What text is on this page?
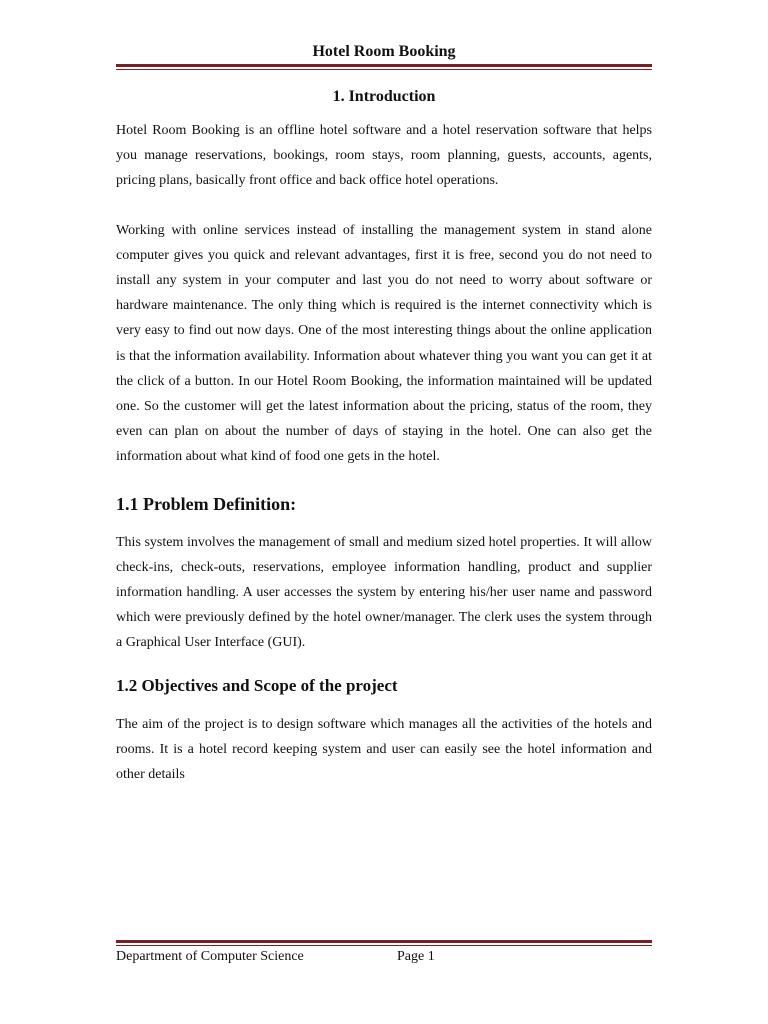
Hotel Room Booking
1. Introduction

Hotel Room Booking is an offline hotel software and a hotel reservation software that helps you manage reservations, bookings, room stays, room planning, guests, accounts, agents, pricing plans, basically front office and back office hotel operations.

Working with online services instead of installing the management system in stand alone computer gives you quick and relevant advantages, first it is free, second you do not need to install any system in your computer and last you do not need to worry about software or hardware maintenance. The only thing which is required is the internet connectivity which is very easy to find out now days. One of the most interesting things about the online application is that the information availability. Information about whatever thing you want you can get it at the click of a button. In our Hotel Room Booking, the information maintained will be updated one. So the customer will get the latest information about the pricing, status of the room, they even can plan on about the number of days of staying in the hotel. One can also get the information about what kind of food one gets in the hotel.

1.1 Problem Definition:

This system involves the management of small and medium sized hotel properties. It will allow check-ins, check-outs, reservations, employee information handling, product and supplier information handling. A user accesses the system by entering his/her user name and password which were previously defined by the hotel owner/manager. The clerk uses the system through a Graphical User Interface (GUI).

1.2 Objectives and Scope of the project

The aim of the project is to design software which manages all the activities of the hotels and rooms. It is a hotel record keeping system and user can easily see the hotel information and other details

Department of Computer Science	Page 1
